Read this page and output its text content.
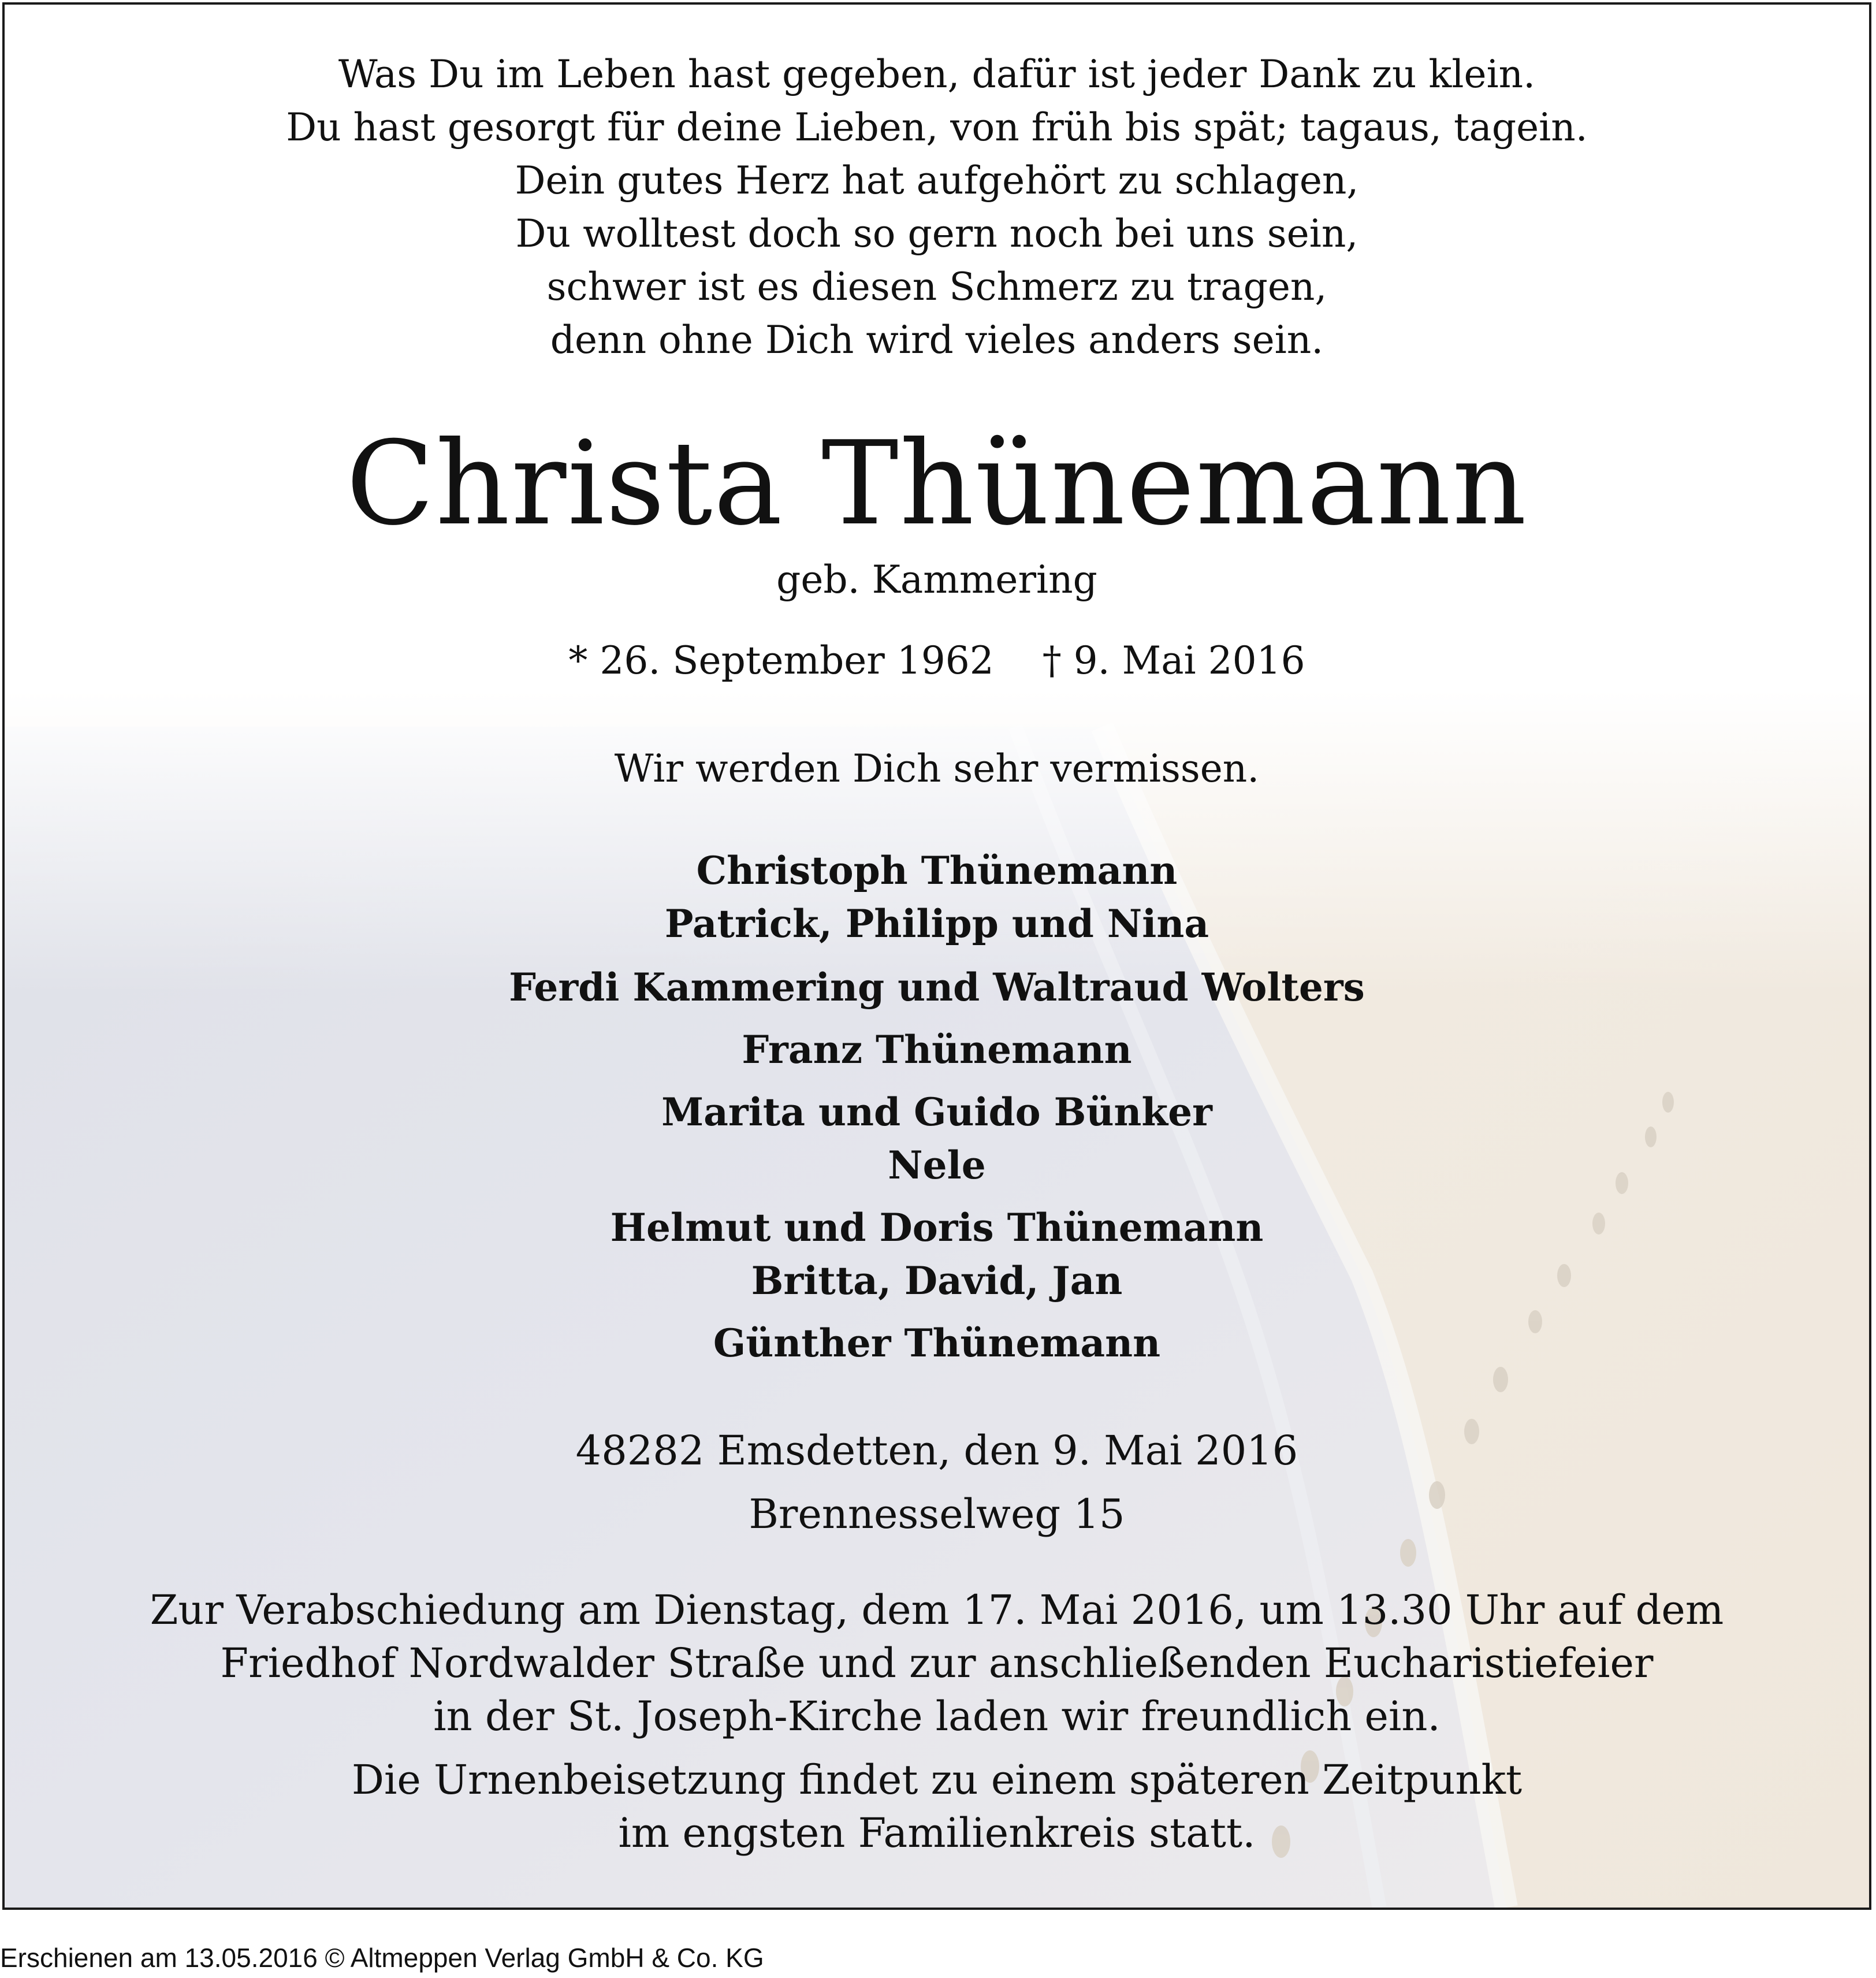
Was Du im Leben hast gegeben, dafür ist jeder Dank zu klein.
Du hast gesorgt für deine Lieben, von früh bis spät; tagaus, tagein.
Dein gutes Herz hat aufgehört zu schlagen,
Du wolltest doch so gern noch bei uns sein,
schwer ist es diesen Schmerz zu tragen,
denn ohne Dich wird vieles anders sein.
Christa Thünemann
geb. Kammering
* 26. September 1962    † 9. Mai 2016
Wir werden Dich sehr vermissen.
Christoph Thünemann
Patrick, Philipp und Nina
Ferdi Kammering und Waltraud Wolters
Franz Thünemann
Marita und Guido Bünker
Nele
Helmut und Doris Thünemann
Britta, David, Jan
Günther Thünemann
48282 Emsdetten, den 9. Mai 2016
Brennesselweg 15
Zur Verabschiedung am Dienstag, dem 17. Mai 2016, um 13.30 Uhr auf dem
Friedhof Nordwalder Straße und zur anschließenden Eucharistiefeier
in der St. Joseph-Kirche laden wir freundlich ein.
Die Urnenbeisetzung findet zu einem späteren Zeitpunkt
im engsten Familienkreis statt.
Erschienen am 13.05.2016 © Altmeppen Verlag GmbH & Co. KG
